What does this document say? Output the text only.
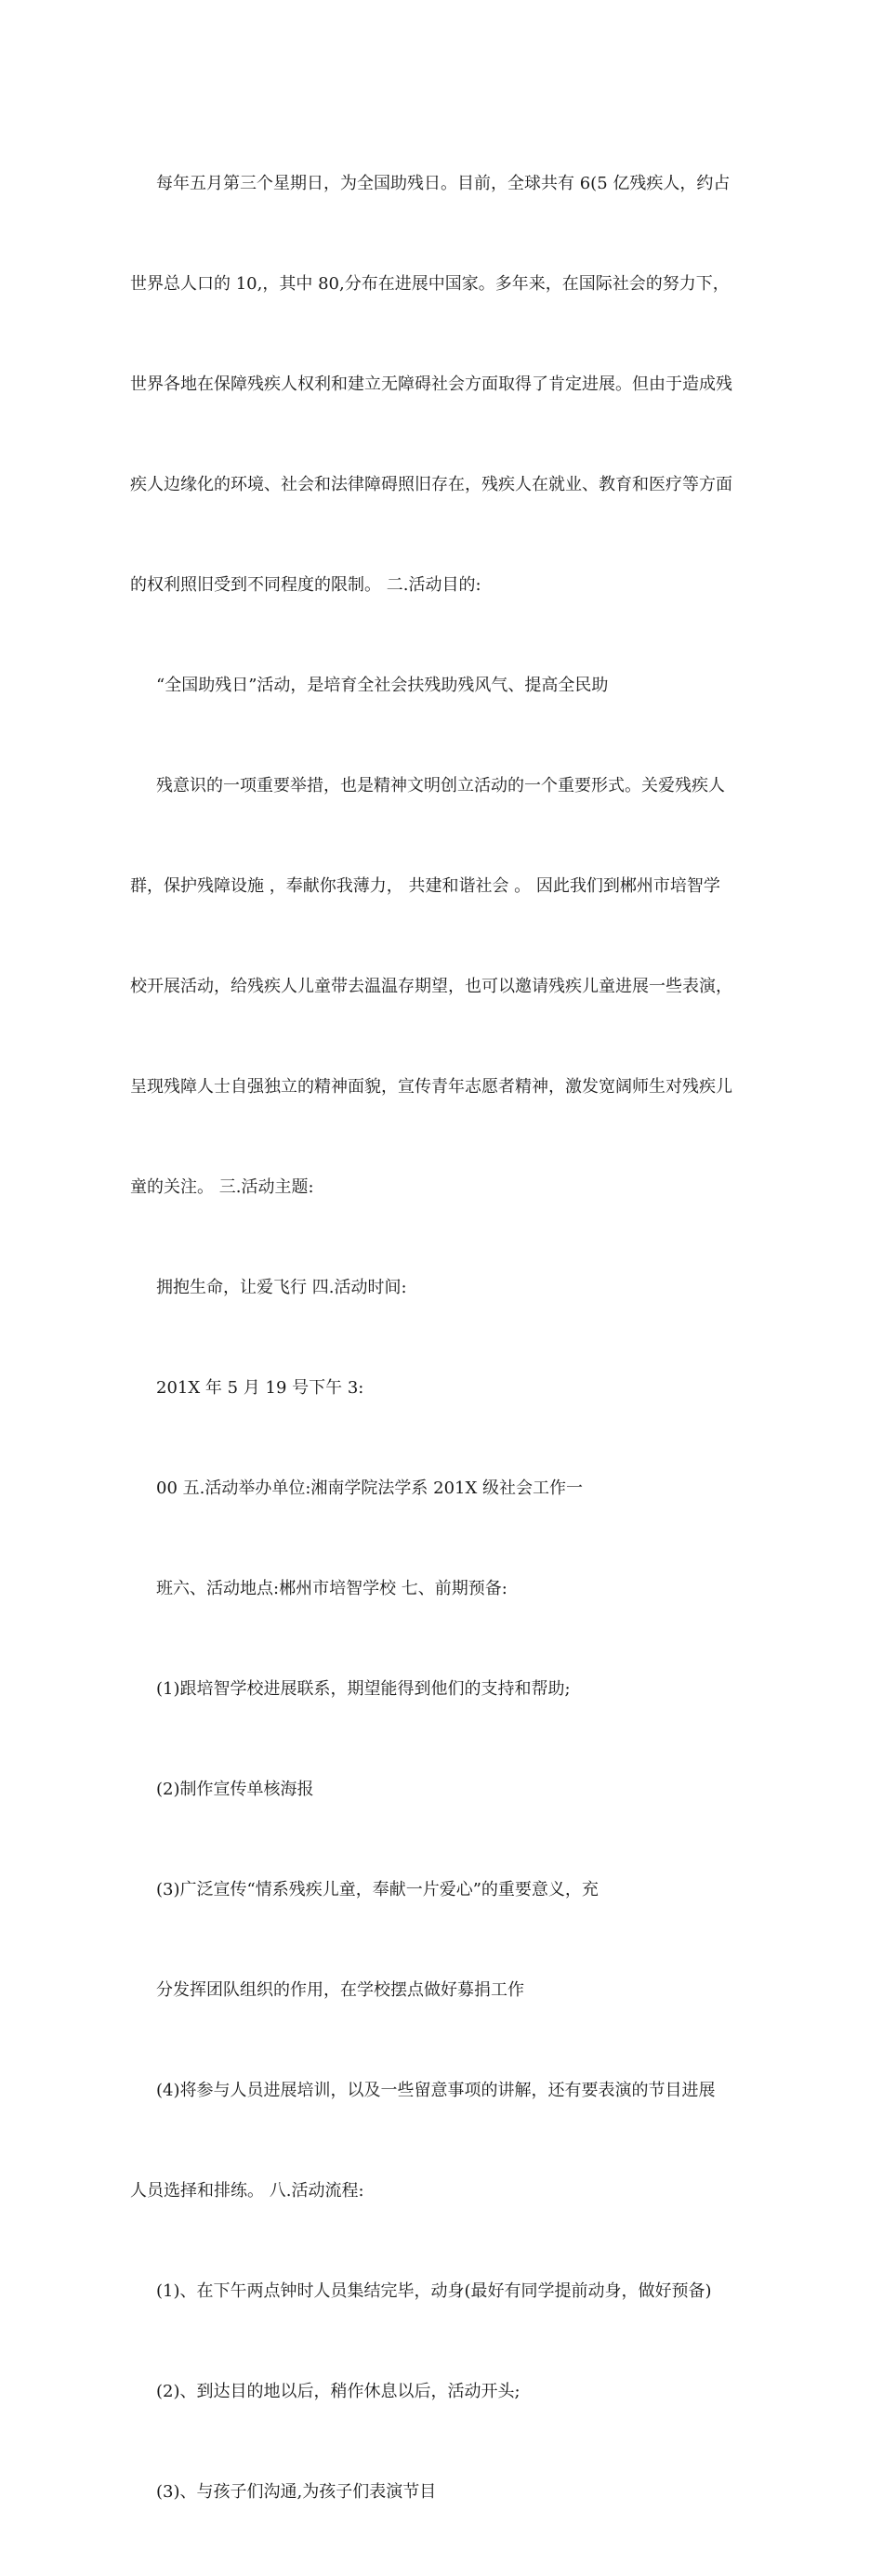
每年五月第三个星期日，为全国助残日。目前，全球共有 6(5 亿残疾人，约占

世界总人口的 10,，其中 80,分布在进展中国家。多年来，在国际社会的努力下，

世界各地在保障残疾人权利和建立无障碍社会方面取得了肯定进展。但由于造成残

疾人边缘化的环境、社会和法律障碍照旧存在，残疾人在就业、教育和医疗等方面

的权利照旧受到不同程度的限制。 二.活动目的:

“全国助残日”活动，是培育全社会扶残助残风气、提高全民助

残意识的一项重要举措，也是精神文明创立活动的一个重要形式。关爱残疾人

群，保护残障设施 ，奉献你我薄力， 共建和谐社会 。 因此我们到郴州市培智学

校开展活动，给残疾人儿童带去温温存期望，也可以邀请残疾儿童进展一些表演，

呈现残障人士自强独立的精神面貌，宣传青年志愿者精神，激发宽阔师生对残疾儿

童的关注。 三.活动主题:

拥抱生命，让爱飞行 四.活动时间:

201X 年 5 月 19 号下午 3:

00 五.活动举办单位:湘南学院法学系 201X 级社会工作一

班六、活动地点:郴州市培智学校 七、前期预备:

(1)跟培智学校进展联系，期望能得到他们的支持和帮助;

(2)制作宣传单核海报

(3)广泛宣传“情系残疾儿童，奉献一片爱心”的重要意义，充

分发挥团队组织的作用，在学校摆点做好募捐工作

(4)将参与人员进展培训，以及一些留意事项的讲解，还有要表演的节目进展

人员选择和排练。 八.活动流程:

(1)、在下午两点钟时人员集结完毕，动身(最好有同学提前动身，做好预备)

(2)、到达目的地以后，稍作休息以后，活动开头;

(3)、与孩子们沟通,为孩子们表演节目
